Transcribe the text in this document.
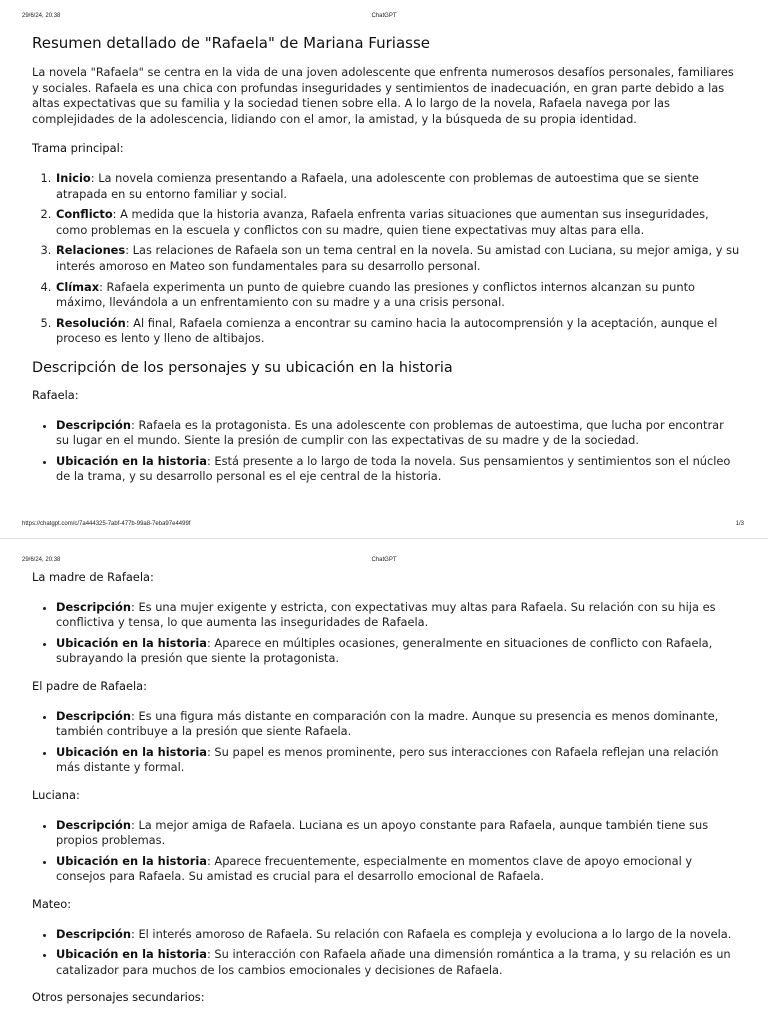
29/6/24, 20:38	ChatGPT
Resumen detallado de "Rafaela" de Mariana Furiasse

La novela "Rafaela" se centra en la vida de una joven adolescente que enfrenta numerosos desafíos personales, familiares y sociales. Rafaela es una chica con profundas inseguridades y sentimientos de inadecuación, en gran parte debido a las altas expectativas que su familia y la sociedad tienen sobre ella. A lo largo de la novela, Rafaela navega por las complejidades de la adolescencia, lidiando con el amor, la amistad, y la búsqueda de su propia identidad.

Trama principal:
1. Inicio: La novela comienza presentando a Rafaela, una adolescente con problemas de autoestima que se siente atrapada en su entorno familiar y social.
2. Conflicto: A medida que la historia avanza, Rafaela enfrenta varias situaciones que aumentan sus inseguridades, como problemas en la escuela y conflictos con su madre, quien tiene expectativas muy altas para ella.
3. Relaciones: Las relaciones de Rafaela son un tema central en la novela. Su amistad con Luciana, su mejor amiga, y su interés amoroso en Mateo son fundamentales para su desarrollo personal.
4. Clímax: Rafaela experimenta un punto de quiebre cuando las presiones y conflictos internos alcanzan su punto máximo, llevándola a un enfrentamiento con su madre y a una crisis personal.
5. Resolución: Al final, Rafaela comienza a encontrar su camino hacia la autocomprensión y la aceptación, aunque el proceso es lento y lleno de altibajos.
Descripción de los personajes y su ubicación en la historia
Rafaela:
• Descripción: Rafaela es la protagonista. Es una adolescente con problemas de autoestima, que lucha por encontrar su lugar en el mundo. Siente la presión de cumplir con las expectativas de su madre y de la sociedad.
• Ubicación en la historia: Está presente a lo largo de toda la novela. Sus pensamientos y sentimientos son el núcleo de la trama, y su desarrollo personal es el eje central de la historia.
https://chatgpt.com/c/7a444325-7abf-477b-99a8-7eba97e4499f	1/3
29/6/24, 20:38	ChatGPT
La madre de Rafaela:
• Descripción: Es una mujer exigente y estricta, con expectativas muy altas para Rafaela. Su relación con su hija es conflictiva y tensa, lo que aumenta las inseguridades de Rafaela.
• Ubicación en la historia: Aparece en múltiples ocasiones, generalmente en situaciones de conflicto con Rafaela, subrayando la presión que siente la protagonista.
El padre de Rafaela:
• Descripción: Es una figura más distante en comparación con la madre. Aunque su presencia es menos dominante, también contribuye a la presión que siente Rafaela.
• Ubicación en la historia: Su papel es menos prominente, pero sus interacciones con Rafaela reflejan una relación más distante y formal.
Luciana:
• Descripción: La mejor amiga de Rafaela. Luciana es un apoyo constante para Rafaela, aunque también tiene sus propios problemas.
• Ubicación en la historia: Aparece frecuentemente, especialmente en momentos clave de apoyo emocional y consejos para Rafaela. Su amistad es crucial para el desarrollo emocional de Rafaela.
Mateo:
• Descripción: El interés amoroso de Rafaela. Su relación con Rafaela es compleja y evoluciona a lo largo de la novela.
• Ubicación en la historia: Su interacción con Rafaela añade una dimensión romántica a la trama, y su relación es un catalizador para muchos de los cambios emocionales y decisiones de Rafaela.
Otros personajes secundarios:
